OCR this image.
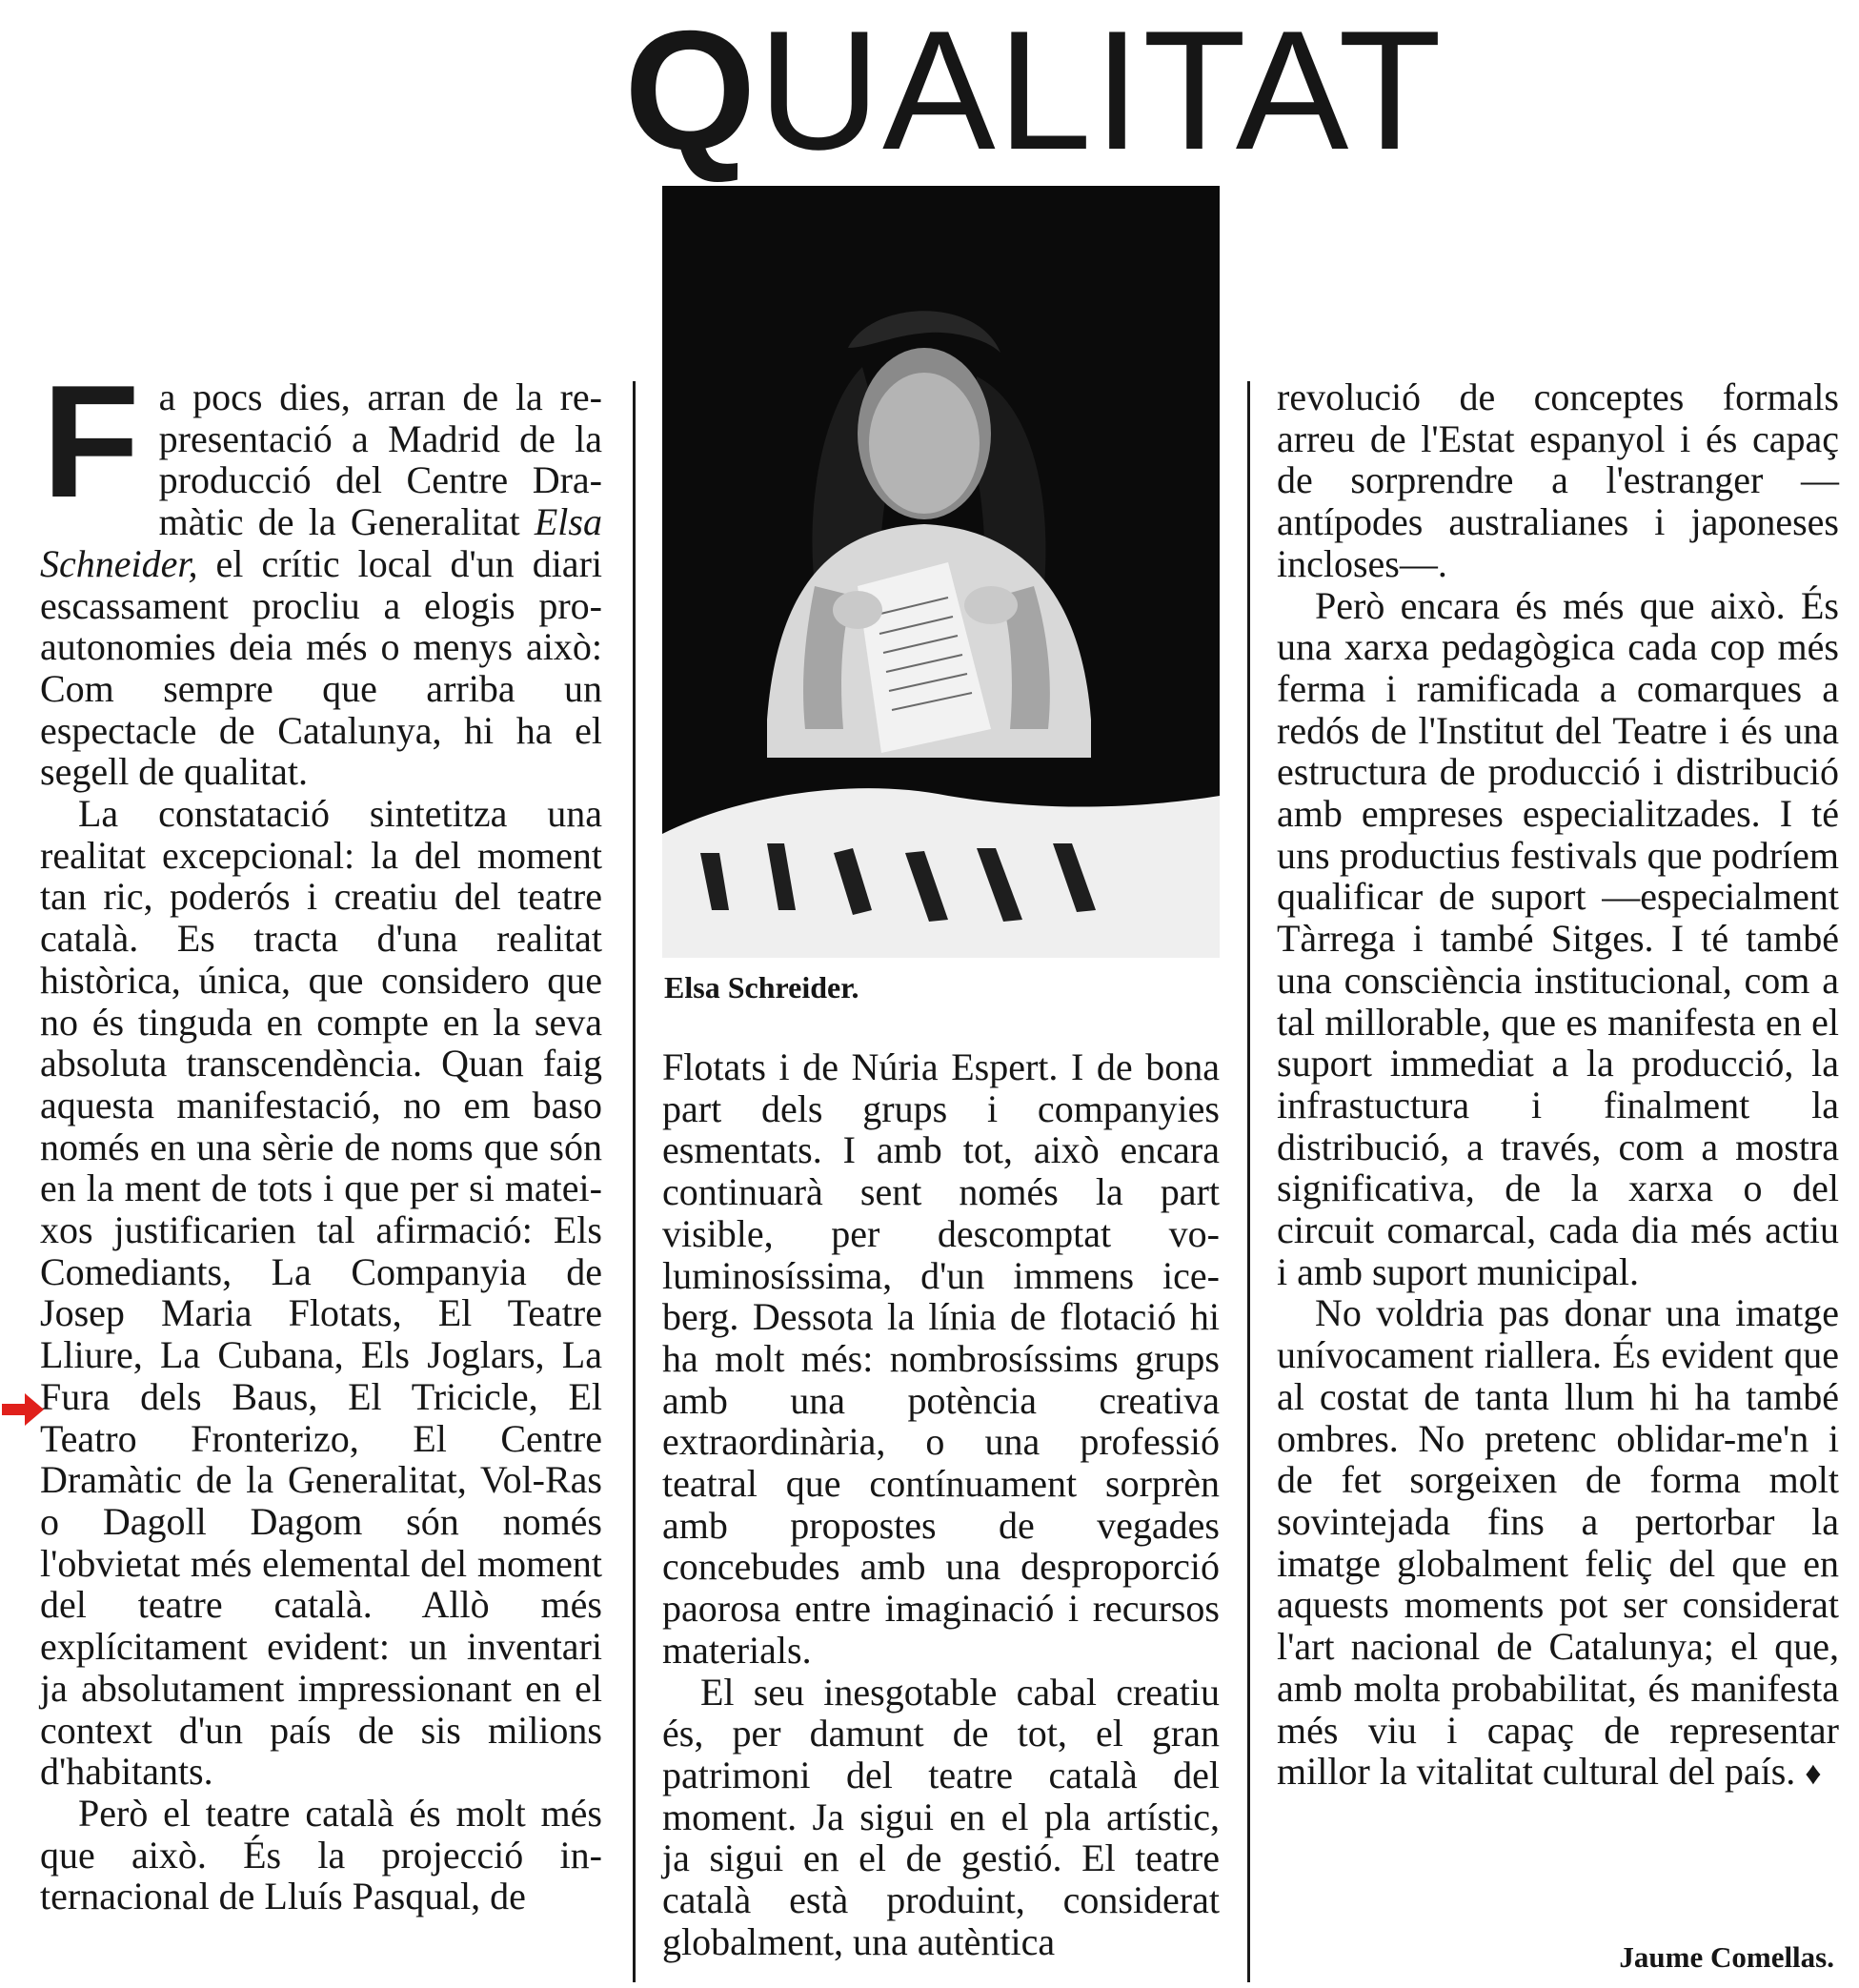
QUALITAT

Fa pocs dies, arran de la representació a Madrid de la producció del Centre Dramàtic de la Generalitat Elsa Schneider, el crític local d'un diari escassament procliu a elogis pro-autonomies deia més o menys això: Com sempre que arriba un espectacle de Catalunya, hi ha el segell de qualitat.

La constatació sintetitza una realitat excepcional: la del moment tan ric, poderós i creatiu del teatre català. Es tracta d'una realitat històrica, única, que considero que no és tinguda en compte en la seva absoluta transcendència. Quan faig aquesta manifestació, no em baso només en una sèrie de noms que són en la ment de tots i que per si mateixos justificarien tal afirmació: Els Comediants, La Companyia de Josep Maria Flotats, El Teatre Lliure, La Cubana, Els Joglars, La Fura dels Baus, El Tricicle, El Teatro Fronterizo, El Centre Dramàtic de la Generalitat, Vol-Ras o Dagoll Dagom són només l'obvietat més elemental del moment del teatre català. Allò més explícitament evident: un inventari ja absolutament impressionant en el context d'un país de sis milions d'habitants.

Però el teatre català és molt més que això. És la projecció internacional de Lluís Pasqual, de

Elsa Schreider.

Flotats i de Núria Espert. I de bona part dels grups i companyies esmentats. I amb tot, això encara continuarà sent només la part visible, per descomptat voluminosíssima, d'un immens iceberg. Dessota la línia de flotació hi ha molt més: nombrosíssims grups amb una potència creativa extraordinària, o una professió teatral que contínuament sorprèn amb propostes de vegades concebudes amb una desproporció paorosa entre imaginació i recursos materials.

El seu inesgotable cabal creatiu és, per damunt de tot, el gran patrimoni del teatre català del moment. Ja sigui en el pla artístic, ja sigui en el de gestió. El teatre català està produint, considerat globalment, una autèntica

revolució de conceptes formals arreu de l'Estat espanyol i és capaç de sorprendre a l'estranger —antípodes australianes i japoneses incloses—.

Però encara és més que això. És una xarxa pedagògica cada cop més ferma i ramificada a comarques a redós de l'Institut del Teatre i és una estructura de producció i distribució amb empreses especialitzades. I té uns productius festivals que podríem qualificar de suport —especialment Tàrrega i també Sitges. I té també una consciència institucional, com a tal millorable, que es manifesta en el suport immediat a la producció, la infrastuctura i finalment la distribució, a través, com a mostra significativa, de la xarxa o del circuit comarcal, cada dia més actiu i amb suport municipal.

No voldria pas donar una imatge unívocament riallera. És evident que al costat de tanta llum hi ha també ombres. No pretenc oblidar-me'n i de fet sorgeixen de forma molt sovintejada fins a pertorbar la imatge globalment feliç del que en aquests moments pot ser considerat l'art nacional de Catalunya; el que, amb molta probabilitat, és manifesta més viu i capaç de representar millor la vitalitat cultural del país. ♦

Jaume Comellas.
